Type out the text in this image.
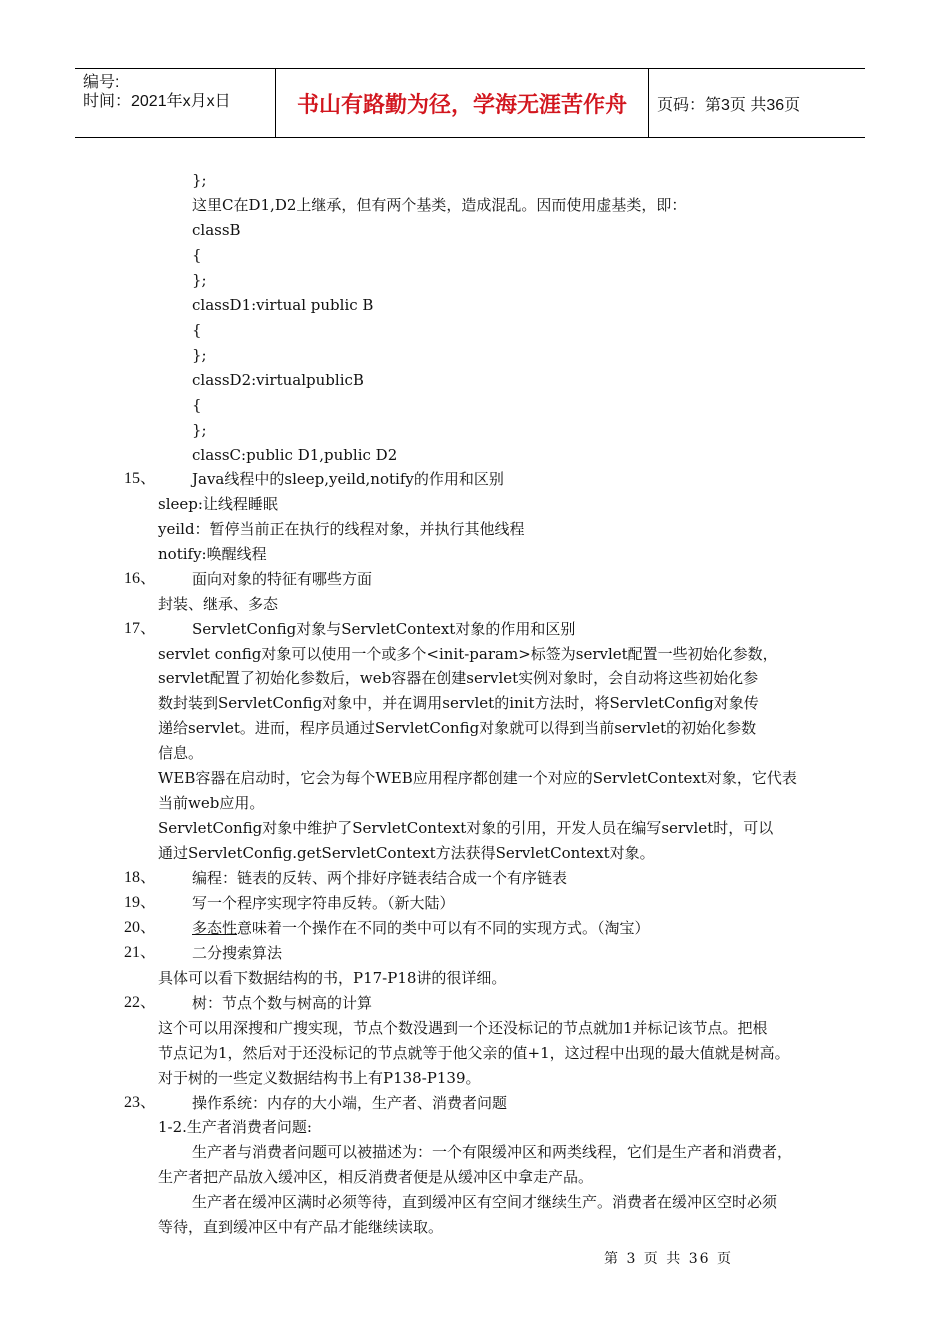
编号:
时间：2021年x月x日	书山有路勤为径，学海无涯苦作舟	页码：第3页 共36页
};
这里C在D1,D2上继承，但有两个基类，造成混乱。因而使用虚基类，即：
classB
{
};
classD1:virtual public B
{
};
classD2:virtualpublicB
{
};
classC:public D1,public D2
15、 Java线程中的sleep,yeild,notify的作用和区别
sleep:让线程睡眠
yeild：暂停当前正在执行的线程对象，并执行其他线程
notify:唤醒线程
16、 面向对象的特征有哪些方面
封装、继承、多态
17、 ServletConfig对象与ServletContext对象的作用和区别
servlet config对象可以使用一个或多个<init-param>标签为servlet配置一些初始化参数，
servlet配置了初始化参数后，web容器在创建servlet实例对象时，会自动将这些初始化参
数封装到ServletConfig对象中，并在调用servlet的init方法时，将ServletConfig对象传
递给servlet。进而，程序员通过ServletConfig对象就可以得到当前servlet的初始化参数
信息。
WEB容器在启动时，它会为每个WEB应用程序都创建一个对应的ServletContext对象，它代表
当前web应用。
ServletConfig对象中维护了ServletContext对象的引用，开发人员在编写servlet时，可以
通过ServletConfig.getServletContext方法获得ServletContext对象。
18、 编程：链表的反转、两个排好序链表结合成一个有序链表
19、 写一个程序实现字符串反转。（新大陆）
20、 多态性意味着一个操作在不同的类中可以有不同的实现方式。（淘宝）
21、 二分搜索算法
具体可以看下数据结构的书，P17-P18讲的很详细。
22、 树：节点个数与树高的计算
这个可以用深搜和广搜实现，节点个数没遇到一个还没标记的节点就加1并标记该节点。把根
节点记为1，然后对于还没标记的节点就等于他父亲的值+1，这过程中出现的最大值就是树高。
对于树的一些定义数据结构书上有P138-P139。
23、 操作系统：内存的大小端，生产者、消费者问题
1-2.生产者消费者问题:
生产者与消费者问题可以被描述为：一个有限缓冲区和两类线程，它们是生产者和消费者，
生产者把产品放入缓冲区，相反消费者便是从缓冲区中拿走产品。
生产者在缓冲区满时必须等待，直到缓冲区有空间才继续生产。消费者在缓冲区空时必须
等待，直到缓冲区中有产品才能继续读取。
第 3 页 共 36 页
